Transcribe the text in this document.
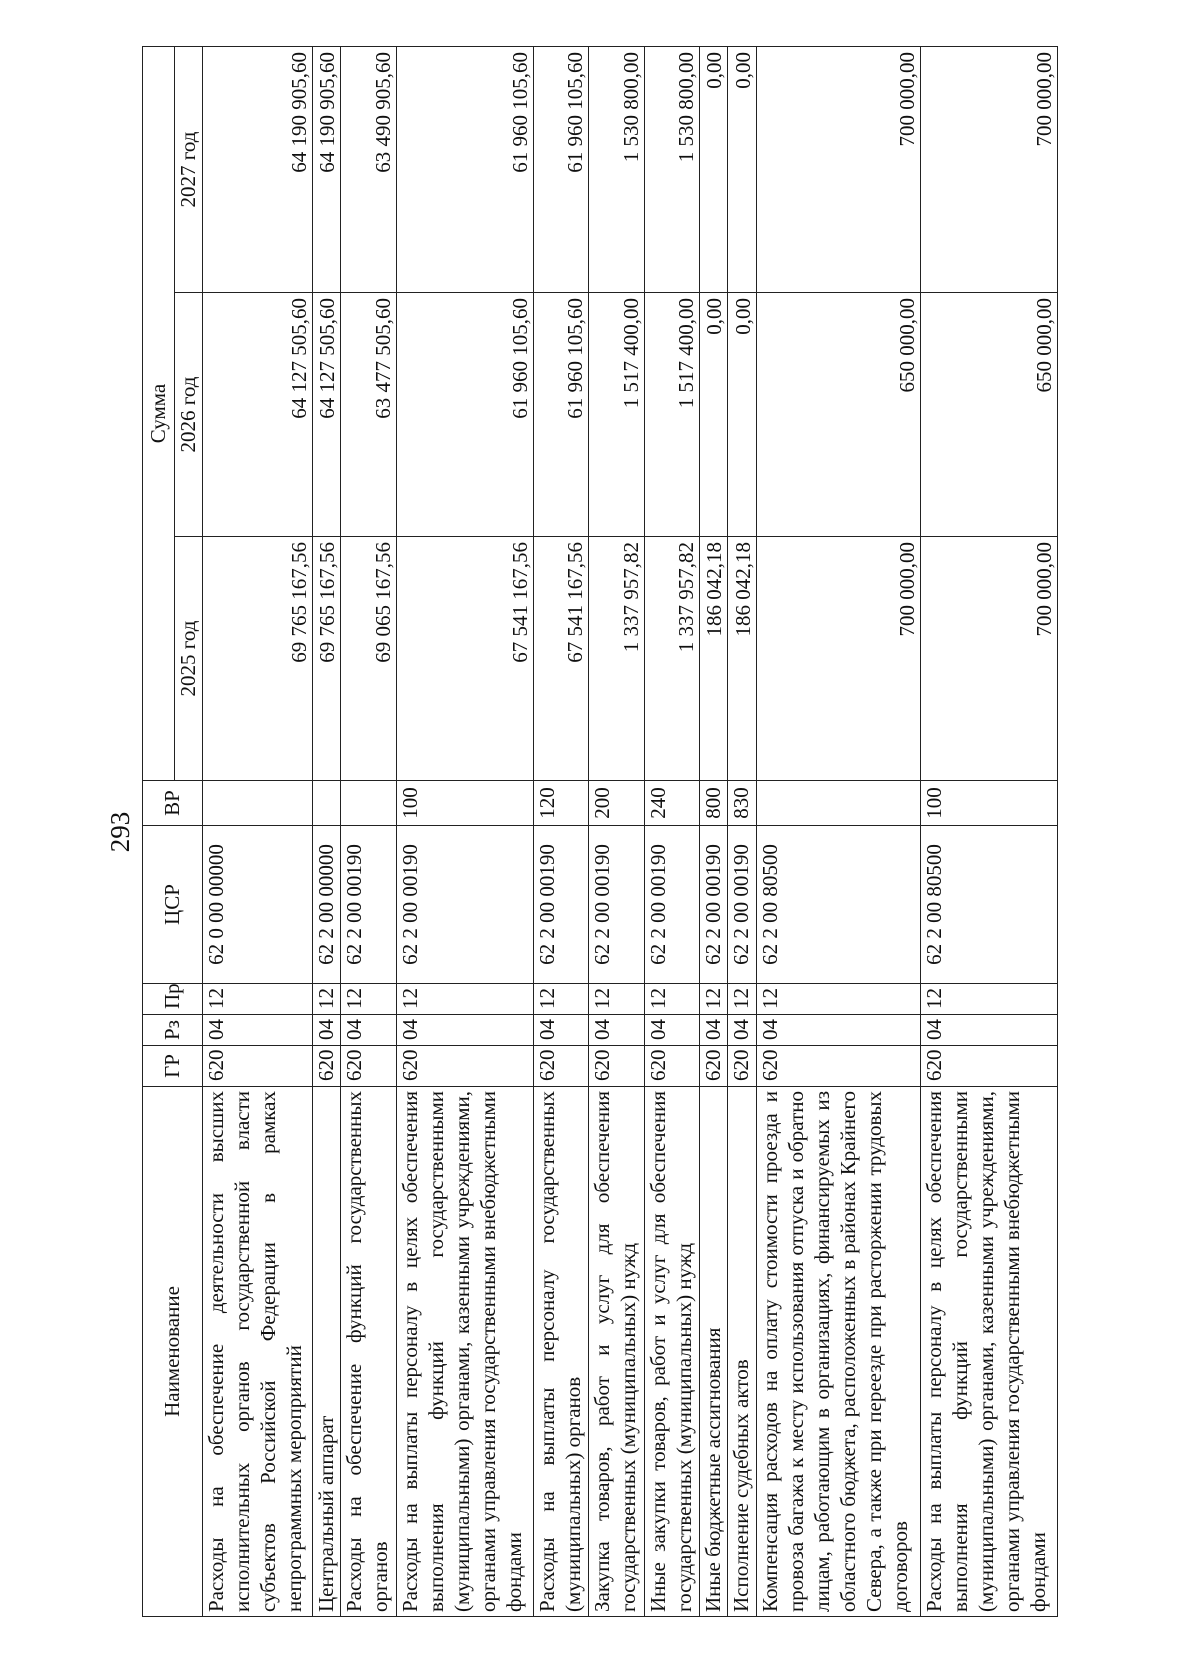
293
Наименование	ГР	Рз	Пр	ЦСР	ВР	Сумма		
						2025 год	2026 год	2027 год
Расходы на обеспечение деятельности высших исполнительных органов государственной власти субъектов Российской Федерации в рамках непрограммных мероприятий	620	04	12	62 0 00 00000		69 765 167,56	64 127 505,60	64 190 905,60
Центральный аппарат	620	04	12	62 2 00 00000		69 765 167,56	64 127 505,60	64 190 905,60
Расходы на обеспечение функций государственных органов	620	04	12	62 2 00 00190		69 065 167,56	63 477 505,60	63 490 905,60
Расходы на выплаты персоналу в целях обеспечения выполнения функций государственными (муниципальными) органами, казенными учреждениями, органами управления государственными внебюджетными фондами	620	04	12	62 2 00 00190	100	67 541 167,56	61 960 105,60	61 960 105,60
Расходы на выплаты персоналу государственных (муниципальных) органов	620	04	12	62 2 00 00190	120	67 541 167,56	61 960 105,60	61 960 105,60
Закупка товаров, работ и услуг для обеспечения государственных (муниципальных) нужд	620	04	12	62 2 00 00190	200	1 337 957,82	1 517 400,00	1 530 800,00
Иные закупки товаров, работ и услуг для обеспечения государственных (муниципальных) нужд	620	04	12	62 2 00 00190	240	1 337 957,82	1 517 400,00	1 530 800,00
Иные бюджетные ассигнования	620	04	12	62 2 00 00190	800	186 042,18	0,00	0,00
Исполнение судебных актов	620	04	12	62 2 00 00190	830	186 042,18	0,00	0,00
Компенсация расходов на оплату стоимости проезда и провоза багажа к месту использования отпуска и обратно лицам, работающим в организациях, финансируемых из областного бюджета, расположенных в районах Крайнего Севера, а также при переезде при расторжении трудовых договоров	620	04	12	62 2 00 80500		700 000,00	650 000,00	700 000,00
Расходы на выплаты персоналу в целях обеспечения выполнения функций государственными (муниципальными) органами, казенными учреждениями, органами управления государственными внебюджетными фондами	620	04	12	62 2 00 80500	100	700 000,00	650 000,00	700 000,00
